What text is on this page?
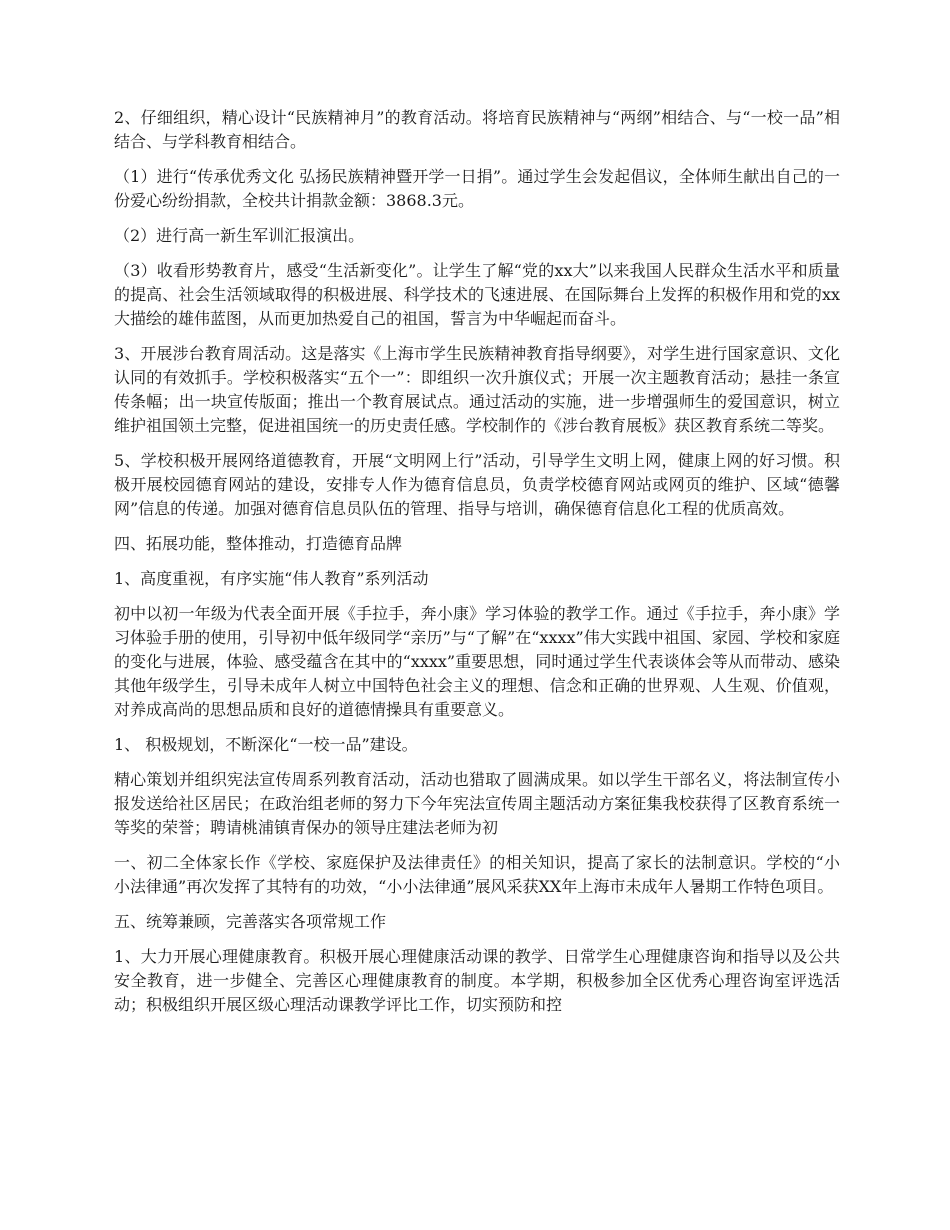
2、仔细组织，精心设计“民族精神月”的教育活动。将培育民族精神与“两纲”相结合、与“一校一品”相结合、与学科教育相结合。

（1）进行“传承优秀文化 弘扬民族精神暨开学一日捐”。通过学生会发起倡议，全体师生献出自己的一份爱心纷纷捐款，全校共计捐款金额：3868.3元。

（2）进行高一新生军训汇报演出。

（3）收看形势教育片，感受“生活新变化”。让学生了解“党的xx大”以来我国人民群众生活水平和质量的提高、社会生活领域取得的积极进展、科学技术的飞速进展、在国际舞台上发挥的积极作用和党的xx大描绘的雄伟蓝图，从而更加热爱自己的祖国，誓言为中华崛起而奋斗。

3、开展涉台教育周活动。这是落实《上海市学生民族精神教育指导纲要》，对学生进行国家意识、文化认同的有效抓手。学校积极落实“五个一”：即组织一次升旗仪式；开展一次主题教育活动；悬挂一条宣传条幅；出一块宣传版面；推出一个教育展试点。通过活动的实施，进一步增强师生的爱国意识，树立维护祖国领土完整，促进祖国统一的历史责任感。学校制作的《涉台教育展板》获区教育系统二等奖。

5、学校积极开展网络道德教育，开展“文明网上行”活动，引导学生文明上网，健康上网的好习惯。积极开展校园德育网站的建设，安排专人作为德育信息员，负责学校德育网站或网页的维护、区域“德馨网”信息的传递。加强对德育信息员队伍的管理、指导与培训，确保德育信息化工程的优质高效。

四、拓展功能，整体推动，打造德育品牌

1、高度重视，有序实施“伟人教育”系列活动

初中以初一年级为代表全面开展《手拉手，奔小康》学习体验的教学工作。通过《手拉手，奔小康》学习体验手册的使用，引导初中低年级同学“亲历”与“了解”在“xxxx”伟大实践中祖国、家园、学校和家庭的变化与进展，体验、感受蕴含在其中的“xxxx”重要思想，同时通过学生代表谈体会等从而带动、感染其他年级学生，引导未成年人树立中国特色社会主义的理想、信念和正确的世界观、人生观、价值观，对养成高尚的思想品质和良好的道德情操具有重要意义。

1、 积极规划，不断深化“一校一品”建设。

精心策划并组织宪法宣传周系列教育活动，活动也猎取了圆满成果。如以学生干部名义，将法制宣传小报发送给社区居民；在政治组老师的努力下今年宪法宣传周主题活动方案征集我校获得了区教育系统一等奖的荣誉；聘请桃浦镇青保办的领导庄建法老师为初

一、初二全体家长作《学校、家庭保护及法律责任》的相关知识，提高了家长的法制意识。学校的“小小法律通”再次发挥了其特有的功效，“小小法律通”展风采获XX年上海市未成年人暑期工作特色项目。

五、统筹兼顾，完善落实各项常规工作

1、大力开展心理健康教育。积极开展心理健康活动课的教学、日常学生心理健康咨询和指导以及公共安全教育，进一步健全、完善区心理健康教育的制度。本学期，积极参加全区优秀心理咨询室评选活动；积极组织开展区级心理活动课教学评比工作，切实预防和控
